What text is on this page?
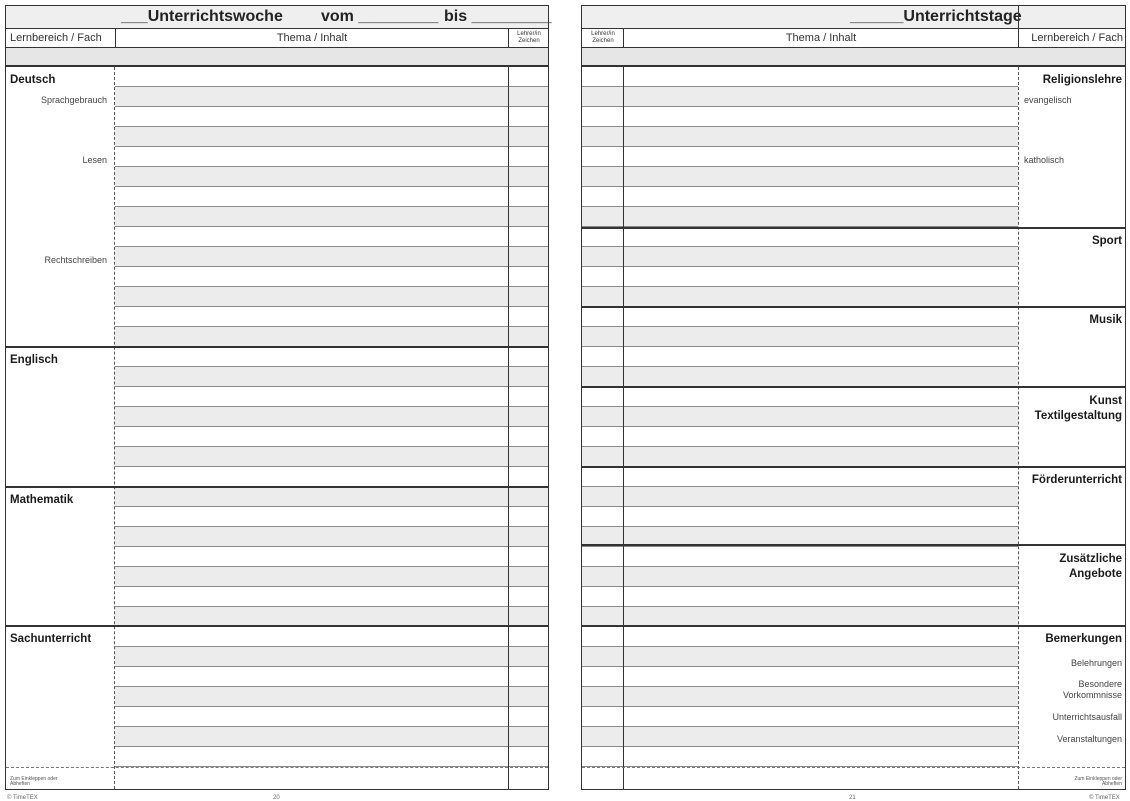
___Unterrichtswoche vom _________ bis _________
Lernbereich / Fach	Thema / Inhalt	Lehrer/in Zeichen
Deutsch
Sprachgebrauch
Lesen
Rechtschreiben
Englisch
Mathematik
Sachunterricht
Zum Einkleppen oder Abheften
© TimeTEX	20
______Unterrichtstage
Lehrer/in Zeichen	Thema / Inhalt	Lernbereich / Fach
Religionslehre
evangelisch
katholisch
Sport
Musik
Kunst Textilgestaltung
Förderunterricht
Zusätzliche Angebote
Bemerkungen
Belehrungen
Besondere Vorkommnisse
Unterrichtsausfall
Veranstaltungen
Zum Einkleppen oder Abheften
21	© TimeTEX
